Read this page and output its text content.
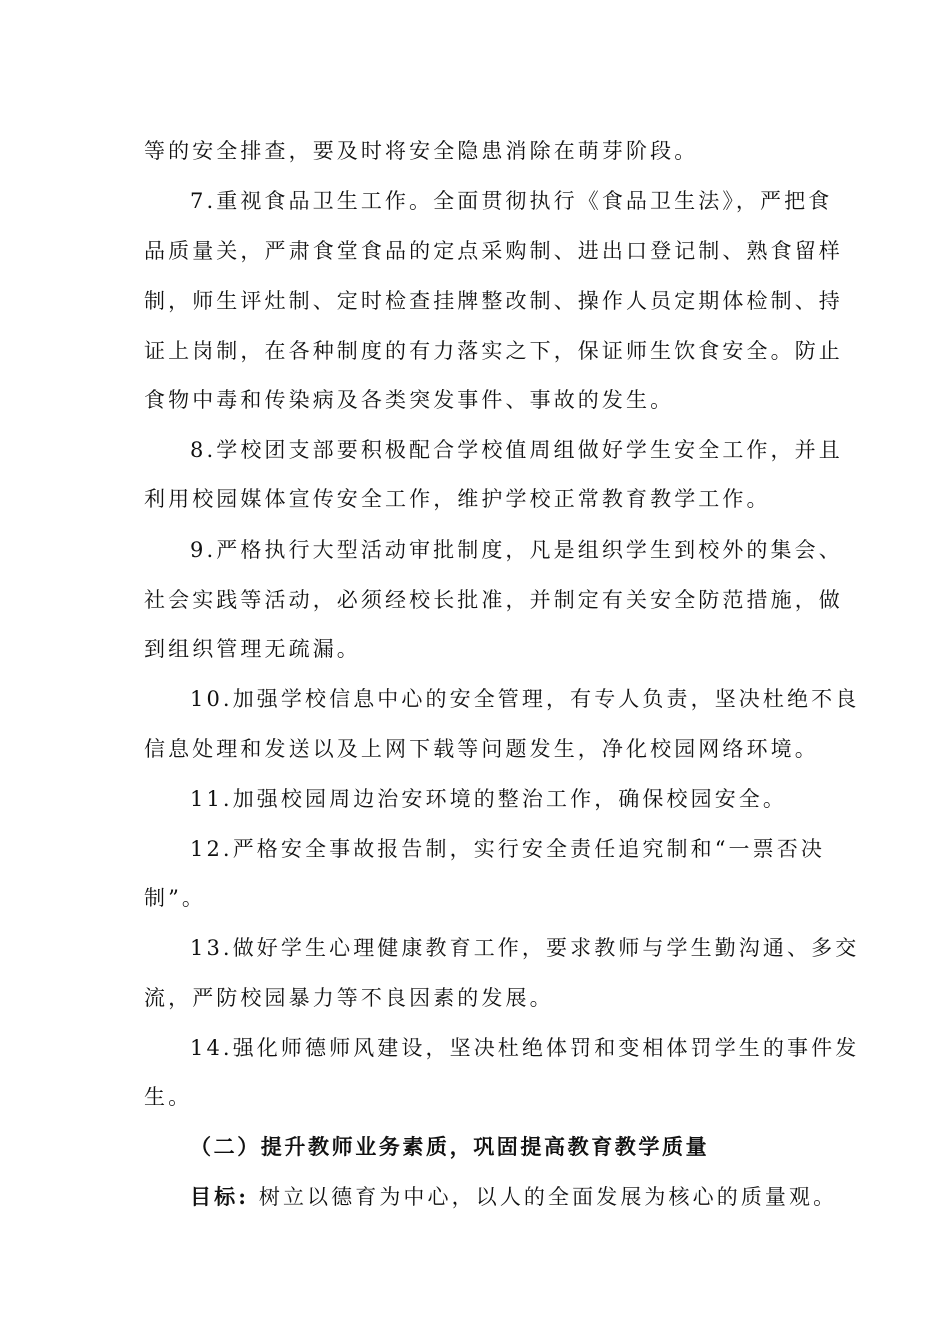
等的安全排查，要及时将安全隐患消除在萌芽阶段。
7.重视食品卫生工作。全面贯彻执行《食品卫生法》，严把食
品质量关，严肃食堂食品的定点采购制、进出口登记制、熟食留样
制，师生评灶制、定时检查挂牌整改制、操作人员定期体检制、持
证上岗制，在各种制度的有力落实之下，保证师生饮食安全。防止
食物中毒和传染病及各类突发事件、事故的发生。
8.学校团支部要积极配合学校值周组做好学生安全工作，并且
利用校园媒体宣传安全工作，维护学校正常教育教学工作。
9.严格执行大型活动审批制度，凡是组织学生到校外的集会、
社会实践等活动，必须经校长批准，并制定有关安全防范措施，做
到组织管理无疏漏。
10.加强学校信息中心的安全管理，有专人负责，坚决杜绝不良
信息处理和发送以及上网下载等问题发生，净化校园网络环境。
11.加强校园周边治安环境的整治工作，确保校园安全。
12.严格安全事故报告制，实行安全责任追究制和“一票否决
制”。
13.做好学生心理健康教育工作，要求教师与学生勤沟通、多交
流，严防校园暴力等不良因素的发展。
14.强化师德师风建设，坚决杜绝体罚和变相体罚学生的事件发
生。
（二）提升教师业务素质，巩固提高教育教学质量
目标: 树立以德育为中心，以人的全面发展为核心的质量观。
